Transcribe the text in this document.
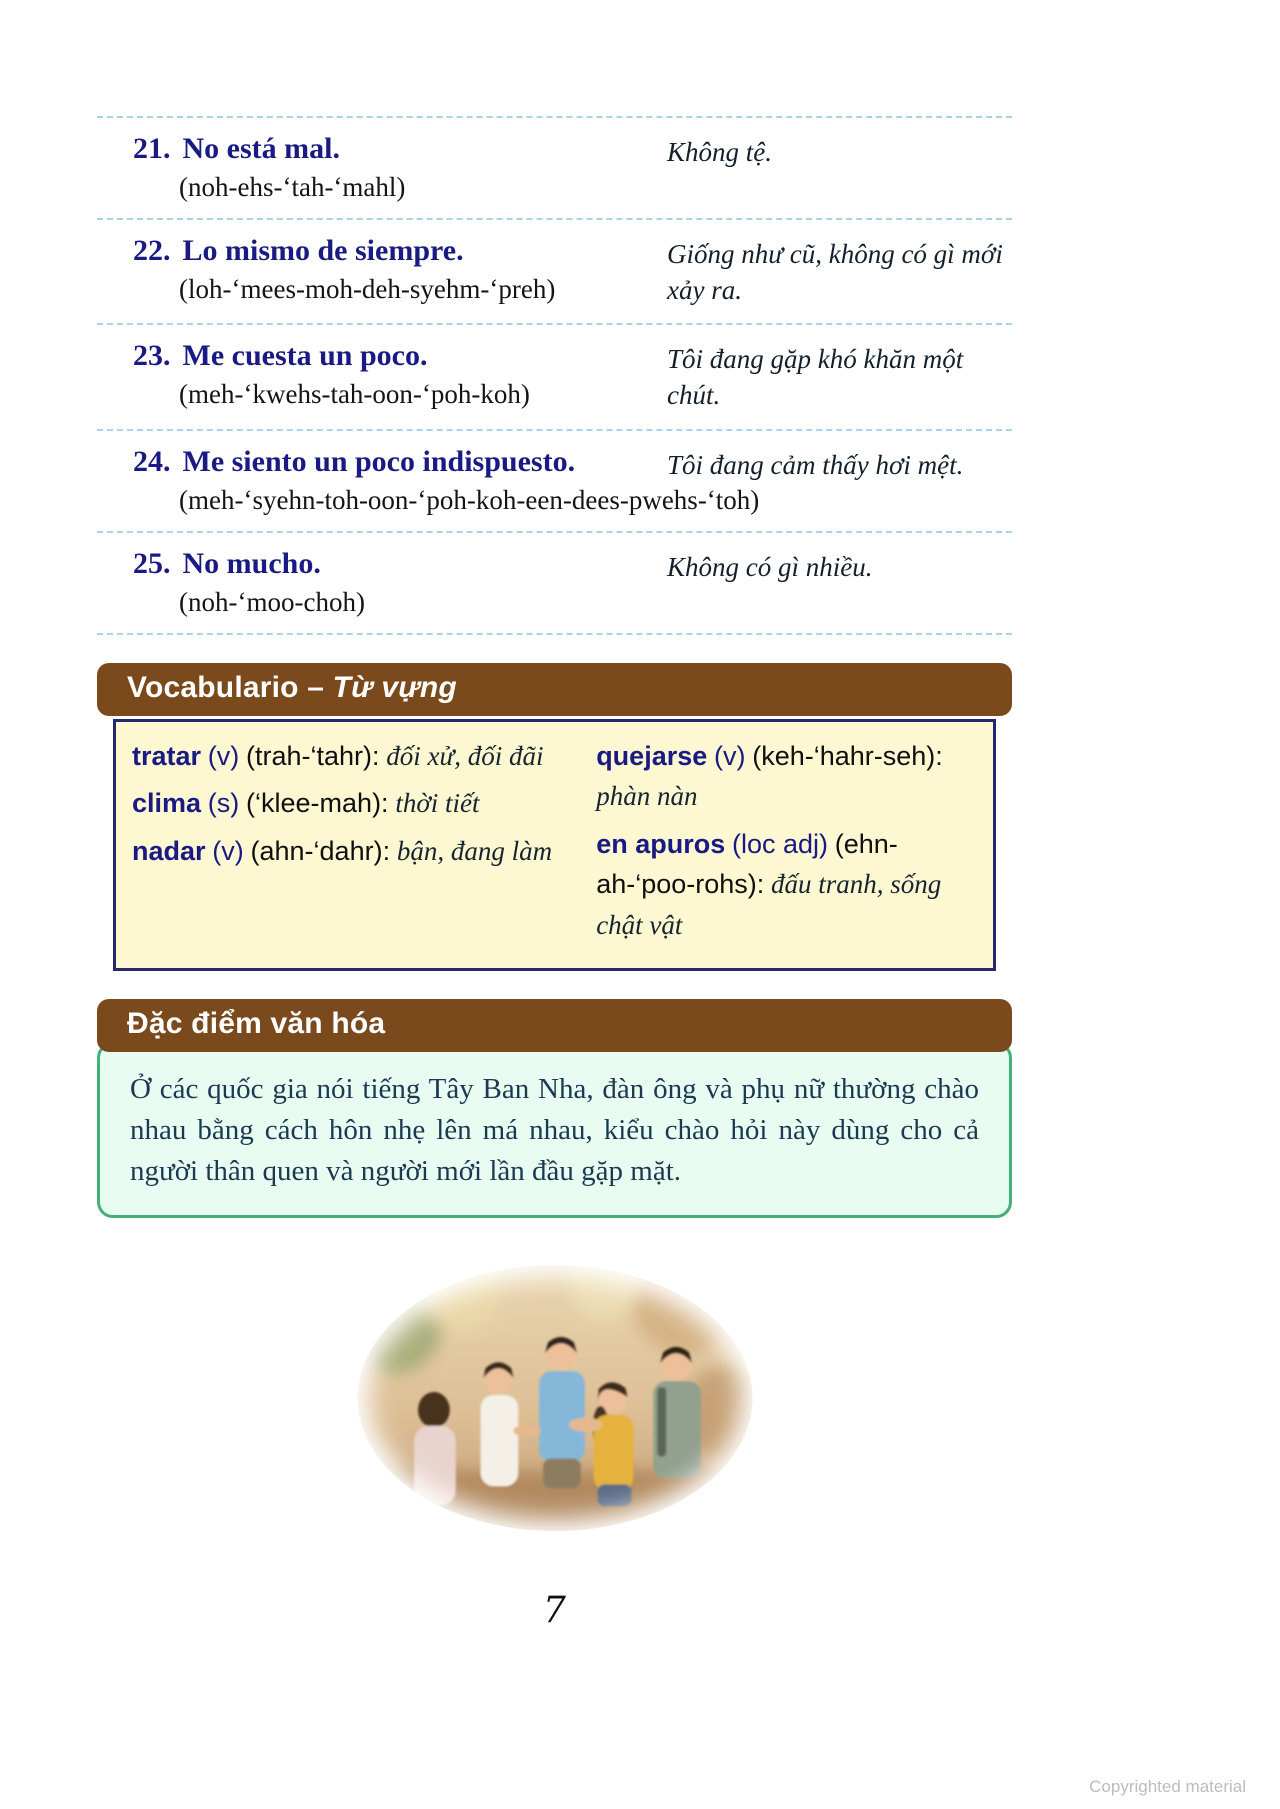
21. No está mal.
(noh-ehs-‘tah-‘mahl)
Không tệ.
22. Lo mismo de siempre.
(loh-‘mees-moh-deh-syehm-‘preh)
Giống như cũ, không có gì mới xảy ra.
23. Me cuesta un poco.
(meh-‘kwehs-tah-oon-‘poh-koh)
Tôi đang gặp khó khăn một chút.
24. Me siento un poco indispuesto.
(meh-‘syehn-toh-oon-‘poh-koh-een-dees-pwehs-‘toh)
Tôi đang cảm thấy hơi mệt.
25. No mucho.
(noh-‘moo-choh)
Không có gì nhiều.
Vocabulario – Từ vựng

tratar (v) (trah-‘tahr): đối xử, đối đãi

clima (s) (‘klee-mah): thời tiết

nadar (v) (ahn-‘dahr): bận, đang làm

quejarse (v) (keh-‘hahr-seh): phàn nàn

en apuros (loc adj) (ehn-ah-‘poo-rohs): đấu tranh, sống chật vật

Đặc điểm văn hóa
Ở các quốc gia nói tiếng Tây Ban Nha, đàn ông và phụ nữ thường chào nhau bằng cách hôn nhẹ lên má nhau, kiểu chào hỏi này dùng cho cả người thân quen và người mới lần đầu gặp mặt.
7
Copyrighted material
